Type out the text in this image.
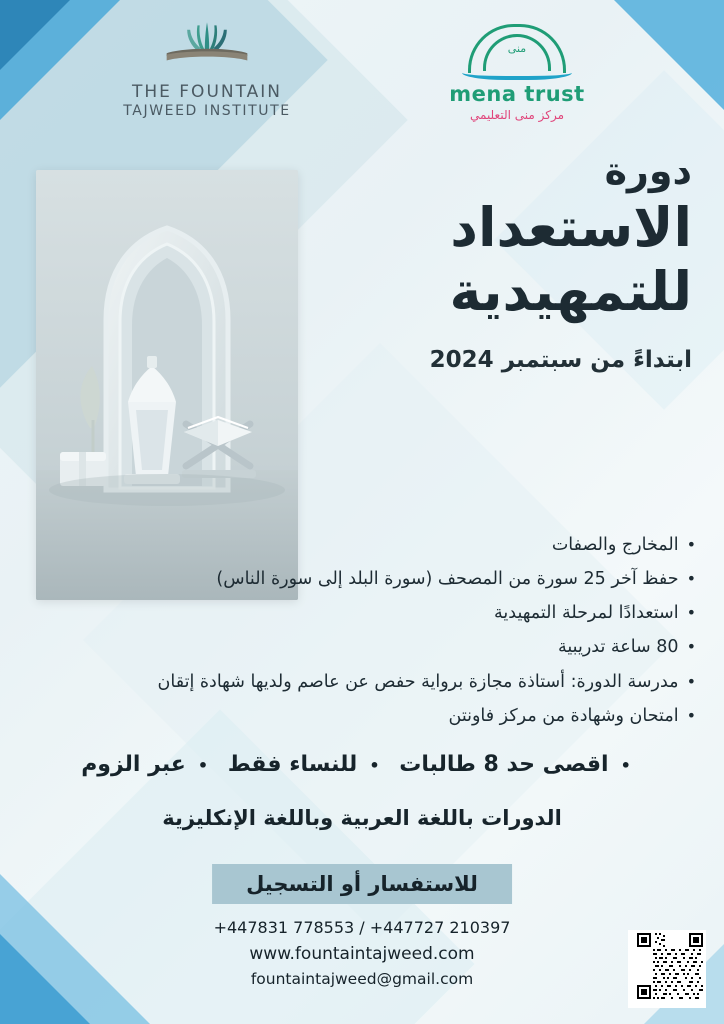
منى
mena trust
مركز منى التعليمي
THE FOUNTAIN
TAJWEED INSTITUTE
دورة
الاستعداد
للتمهيدية
ابتداءً من سبتمبر 2024
•المخارج والصفات
•حفظ آخر 25 سورة من المصحف (سورة البلد إلى سورة الناس)
•استعدادًا لمرحلة التمهيدية
•80 ساعة تدريبية
•مدرسة الدورة: أستاذة مجازة برواية حفص عن عاصم ولديها شهادة إتقان
•امتحان وشهادة من مركز فاونتن
•اقصى حد 8 طالبات •للنساء فقط •عبر الزوم
الدورات باللغة العربية وباللغة الإنكليزية
للاستفسار أو التسجيل
+447831 778553 / +447727 210397
www.fountaintajweed.com
fountaintajweed@gmail.com
